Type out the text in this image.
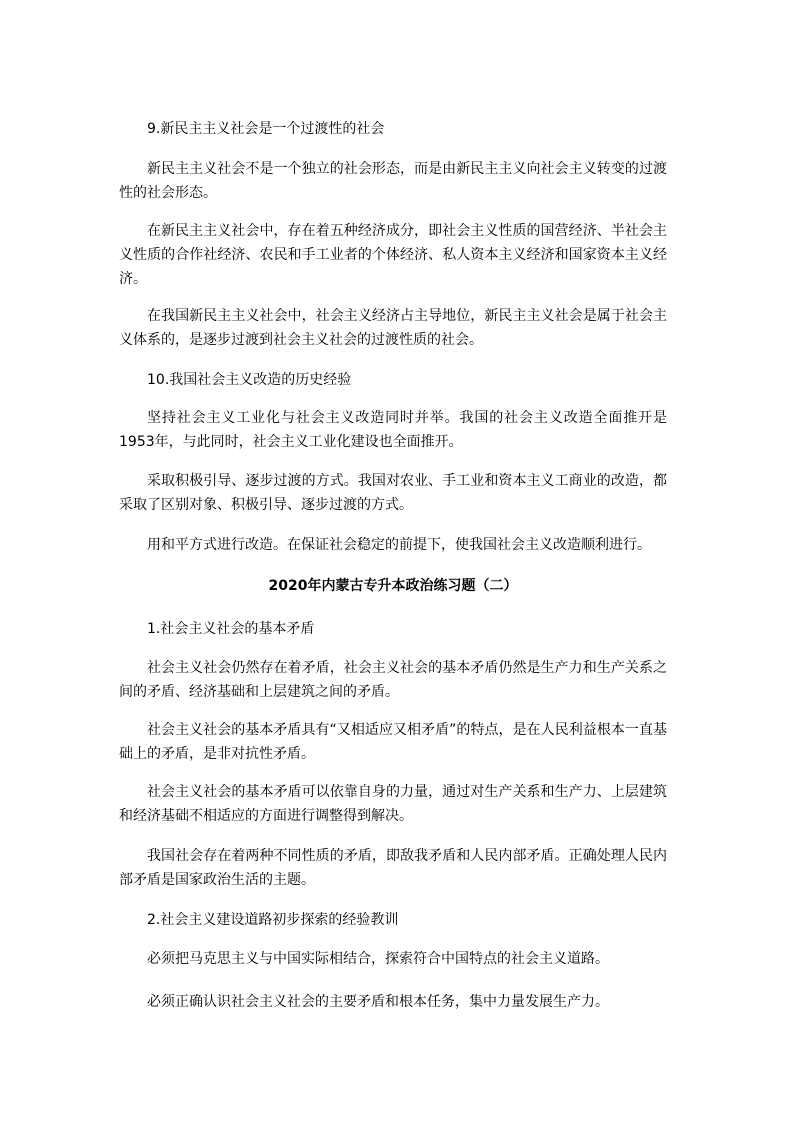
9.新民主主义社会是一个过渡性的社会

新民主主义社会不是一个独立的社会形态，而是由新民主主义向社会主义转变的过渡性的社会形态。

在新民主主义社会中，存在着五种经济成分，即社会主义性质的国营经济、半社会主义性质的合作社经济、农民和手工业者的个体经济、私人资本主义经济和国家资本主义经济。

在我国新民主主义社会中，社会主义经济占主导地位，新民主主义社会是属于社会主义体系的，是逐步过渡到社会主义社会的过渡性质的社会。

10.我国社会主义改造的历史经验

坚持社会主义工业化与社会主义改造同时并举。我国的社会主义改造全面推开是1953年，与此同时，社会主义工业化建设也全面推开。

采取积极引导、逐步过渡的方式。我国对农业、手工业和资本主义工商业的改造，都采取了区别对象、积极引导、逐步过渡的方式。

用和平方式进行改造。在保证社会稳定的前提下，使我国社会主义改造顺利进行。

2020年内蒙古专升本政治练习题（二）

1.社会主义社会的基本矛盾

社会主义社会仍然存在着矛盾，社会主义社会的基本矛盾仍然是生产力和生产关系之间的矛盾、经济基础和上层建筑之间的矛盾。

社会主义社会的基本矛盾具有“又相适应又相矛盾”的特点，是在人民利益根本一直基础上的矛盾，是非对抗性矛盾。

社会主义社会的基本矛盾可以依靠自身的力量，通过对生产关系和生产力、上层建筑和经济基础不相适应的方面进行调整得到解决。

我国社会存在着两种不同性质的矛盾，即敌我矛盾和人民内部矛盾。正确处理人民内部矛盾是国家政治生活的主题。

2.社会主义建设道路初步探索的经验教训

必须把马克思主义与中国实际相结合，探索符合中国特点的社会主义道路。

必须正确认识社会主义社会的主要矛盾和根本任务，集中力量发展生产力。
